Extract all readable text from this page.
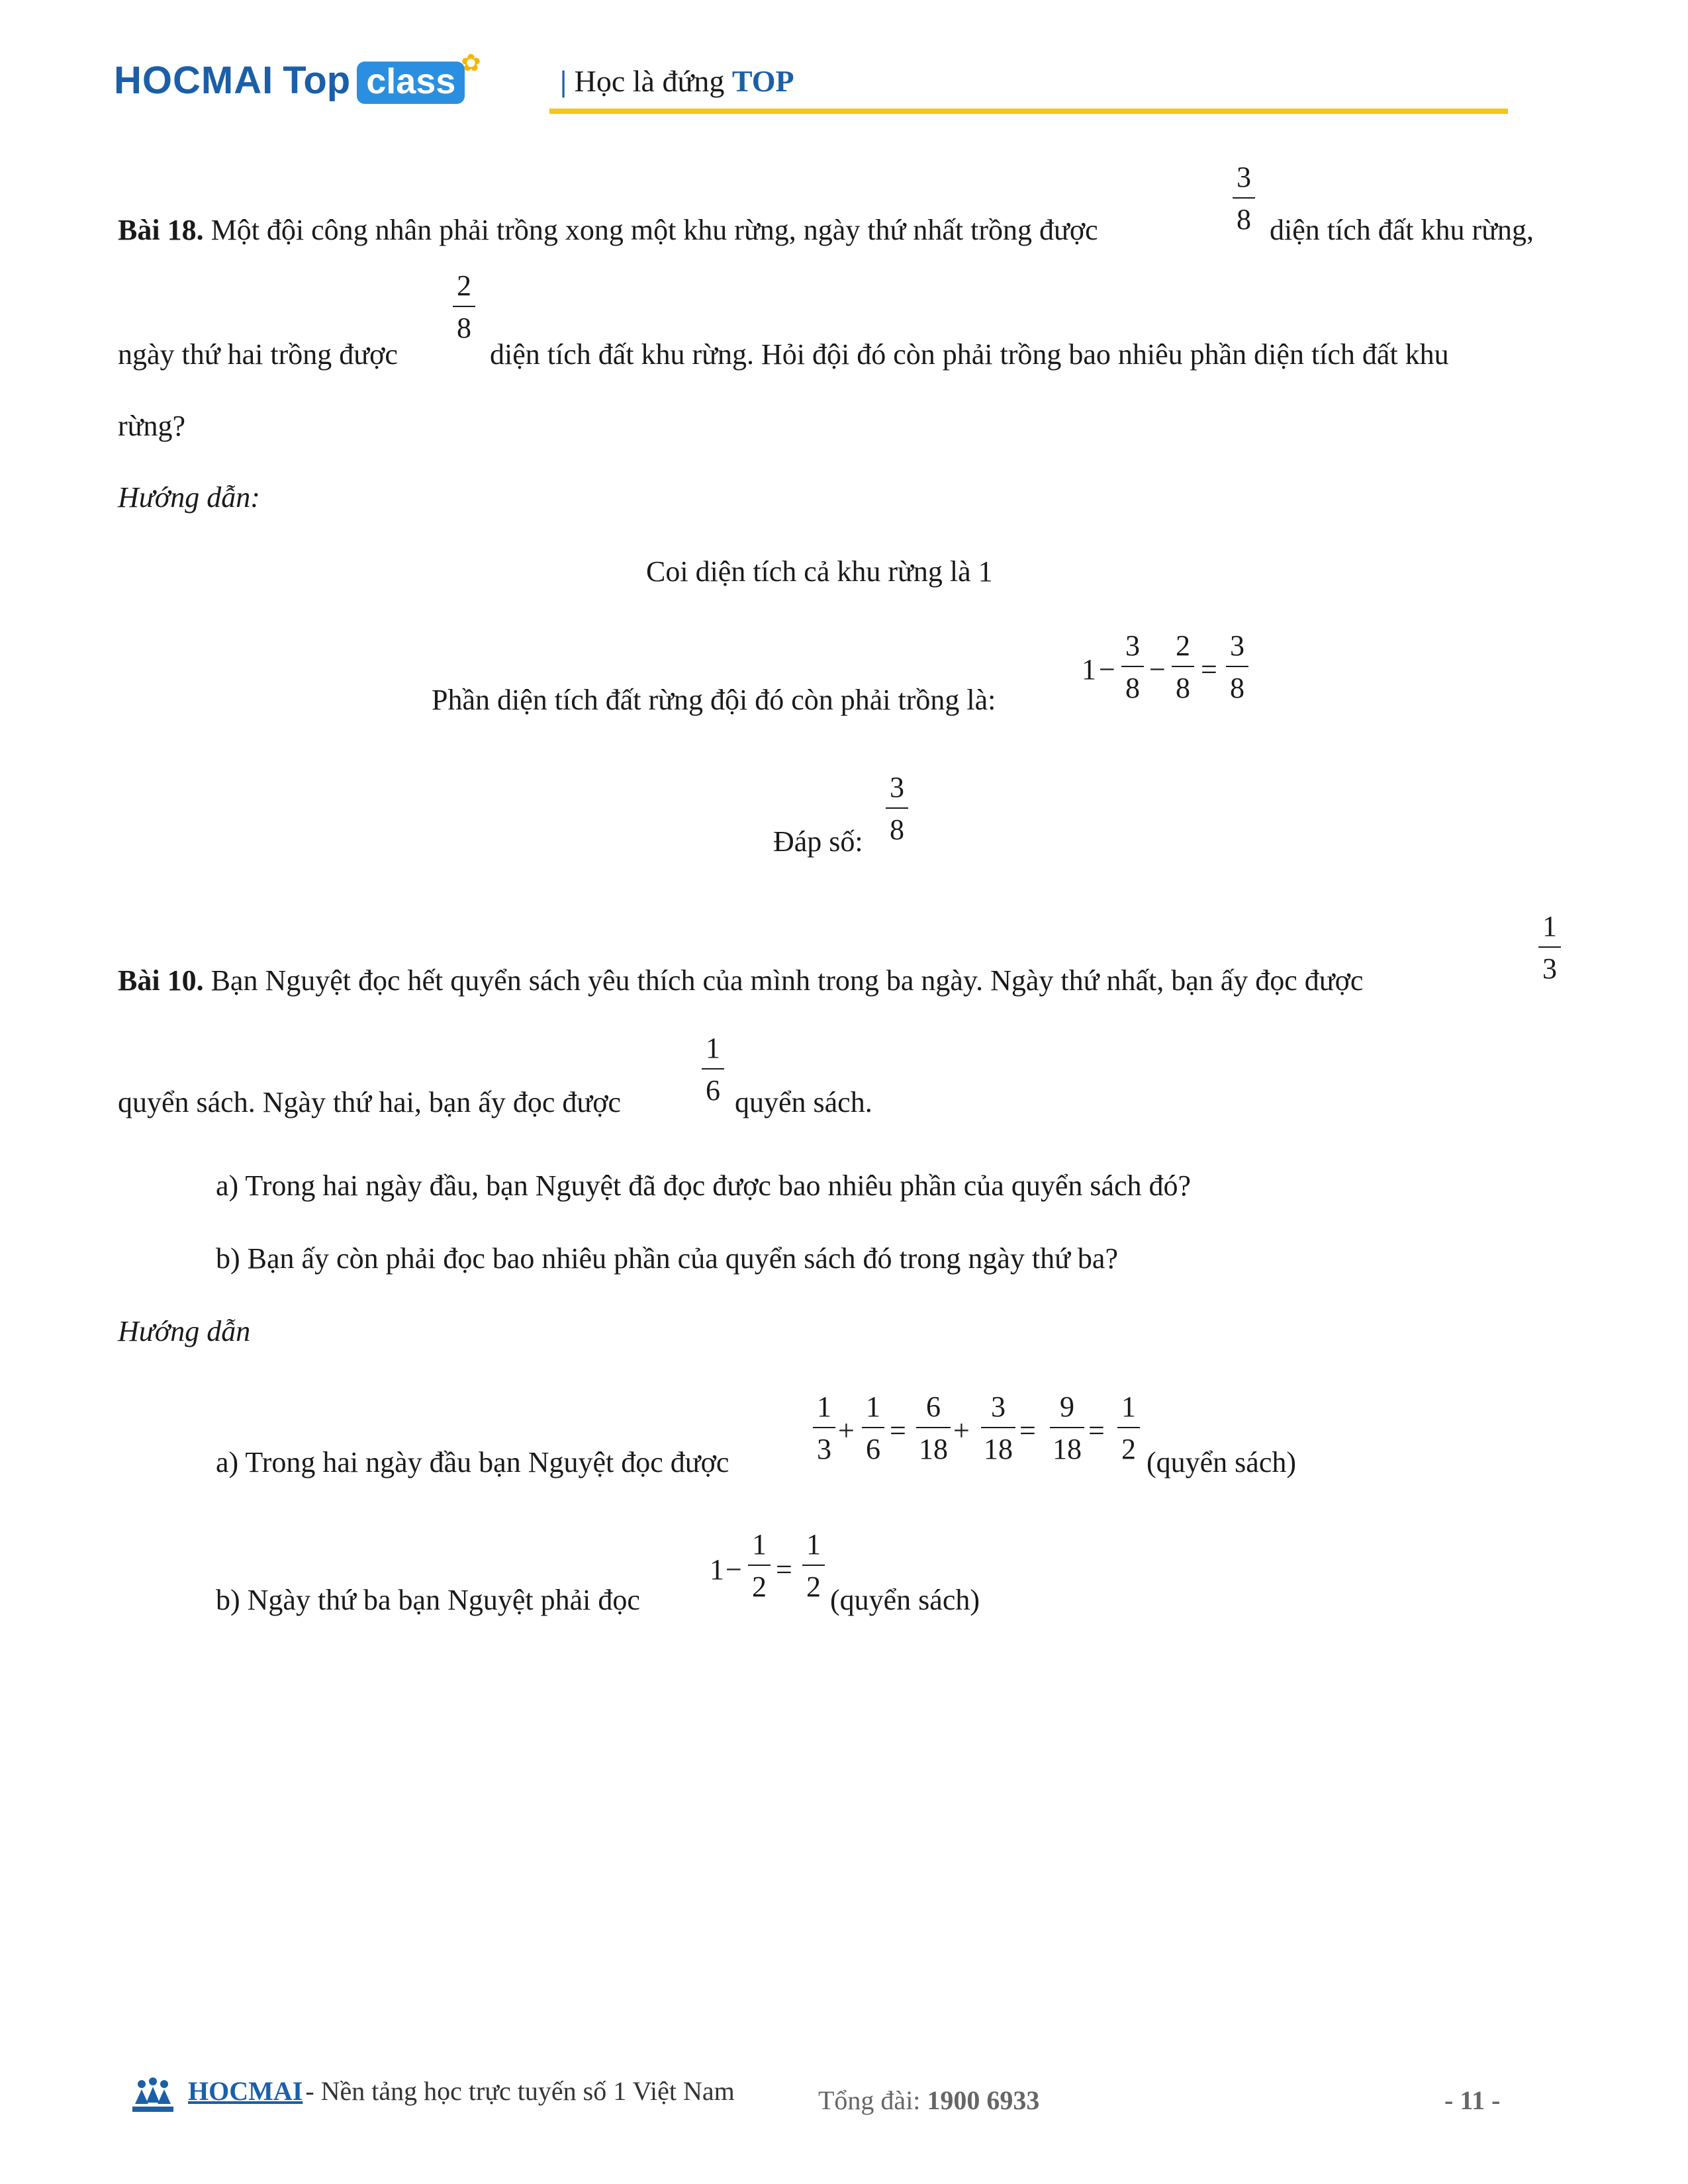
HOCMAI Top class ✿
| Học là đứng TOP
Bài 18. Một đội công nhân phải trồng xong một khu rừng, ngày thứ nhất trồng được
3
8 diện tích đất khu rừng,
ngày thứ hai trồng được
2
8
diện tích đất khu rừng. Hỏi đội đó còn phải trồng bao nhiêu phần diện tích đất khu
rừng?
Hướng dẫn:
Coi diện tích cả khu rừng là 1
Phần diện tích đất rừng đội đó còn phải trồng là:
1 −
3
8
−
2
8
=
3
8
Đáp số:
3
8
Bài 10. Bạn Nguyệt đọc hết quyển sách yêu thích của mình trong ba ngày. Ngày thứ nhất, bạn ấy đọc được
1
3
quyển sách. Ngày thứ hai, bạn ấy đọc được
1
6 quyển sách.
a) Trong hai ngày đầu, bạn Nguyệt đã đọc được bao nhiêu phần của quyển sách đó?
b) Bạn ấy còn phải đọc bao nhiêu phần của quyển sách đó trong ngày thứ ba?
Hướng dẫn
a) Trong hai ngày đầu bạn Nguyệt đọc được
1
3
+
1
6
=
6
18
+
3
18
=
9
18
=
1
2 (quyển sách)
b) Ngày thứ ba bạn Nguyệt phải đọc
1 −
1
2
=
1
2 (quyển sách)
HOCMAI - Nền tảng học trực tuyến số 1 Việt Nam	Tổng đài: 1900 6933	- 11 -
